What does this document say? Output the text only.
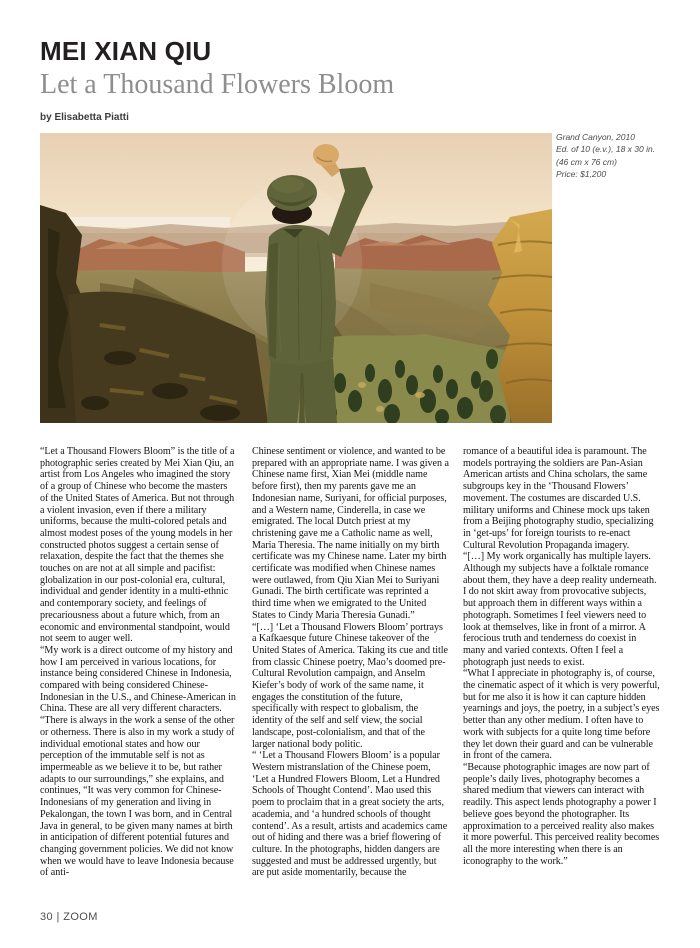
MEI XIAN QIU
Let a Thousand Flowers Bloom
by Elisabetta Piatti
Grand Canyon, 2010
Ed. of 10 (e.v.), 18 x 30 in.
(46 cm x 76 cm)
Price: $1,200

“Let a Thousand Flowers Bloom” is the title of a photographic series created by Mei Xian Qiu, an artist from Los Angeles who imagined the story of a group of Chinese who become the masters of the United States of America. But not through a violent invasion, even if there a military uniforms, because the multi-colored petals and almost modest poses of the young models in her constructed photos suggest a certain sense of relaxation, despite the fact that the themes she touches on are not at all simple and pacifist: globalization in our post-colonial era, cultural, individual and gender identity in a multi-ethnic and contemporary society, and feelings of precariousness about a future which, from an economic and environmental standpoint, would not seem to auger well.

“My work is a direct outcome of my history and how I am perceived in various locations, for instance being considered Chinese in Indonesia, compared with being considered Chinese-Indonesian in the U.S., and Chinese-American in China. These are all very different characters.

“There is always in the work a sense of the other or otherness. There is also in my work a study of individual emotional states and how our perception of the immutable self is not as impermeable as we believe it to be, but rather adapts to our surroundings,” she explains, and continues, “It was very common for Chinese-Indonesians of my generation and living in Pekalongan, the town I was born, and in Central Java in general, to be given many names at birth in anticipation of different potential futures and changing government policies. We did not know when we would have to leave Indonesia because of anti-

Chinese sentiment or violence, and wanted to be prepared with an appropriate name. I was given a Chinese name first, Xian Mei (middle name before first), then my parents gave me an Indonesian name, Suriyani, for official purposes, and a Western name, Cinderella, in case we emigrated. The local Dutch priest at my christening gave me a Catholic name as well, Maria Theresia. The name initially on my birth certificate was my Chinese name. Later my birth certificate was modified when Chinese names were outlawed, from Qiu Xian Mei to Suriyani Gunadi. The birth certificate was reprinted a third time when we emigrated to the United States to Cindy Maria Theresia Gunadi.”

“[…] ‘Let a Thousand Flowers Bloom’ portrays a Kafkaesque future Chinese takeover of the United States of America. Taking its cue and title from classic Chinese poetry, Mao’s doomed pre-Cultural Revolution campaign, and Anselm Kiefer’s body of work of the same name, it engages the constitution of the future, specifically with respect to globalism, the identity of the self and self view, the social landscape, post-colonialism, and that of the larger national body politic.

“ ‘Let a Thousand Flowers Bloom’ is a popular Western mistranslation of the Chinese poem, ‘Let a Hundred Flowers Bloom, Let a Hundred Schools of Thought Contend’. Mao used this poem to proclaim that in a great society the arts, academia, and ‘a hundred schools of thought contend’. As a result, artists and academics came out of hiding and there was a brief flowering of culture. In the photographs, hidden dangers are suggested and must be addressed urgently, but are put aside momentarily, because the

romance of a beautiful idea is paramount. The models portraying the soldiers are Pan-Asian American artists and China scholars, the same subgroups key in the ‘Thousand Flowers’ movement. The costumes are discarded U.S. military uniforms and Chinese mock ups taken from a Beijing photography studio, specializing in ‘get-ups’ for foreign tourists to re-enact Cultural Revolution Propaganda imagery.

“[…] My work organically has multiple layers. Although my subjects have a folktale romance about them, they have a deep reality underneath. I do not skirt away from provocative subjects, but approach them in different ways within a photograph. Sometimes I feel viewers need to look at themselves, like in front of a mirror. A ferocious truth and tenderness do coexist in many and varied contexts. Often I feel a photograph just needs to exist.

“What I appreciate in photography is, of course, the cinematic aspect of it which is very powerful, but for me also it is how it can capture hidden yearnings and joys, the poetry, in a subject’s eyes better than any other medium. I often have to work with subjects for a quite long time before they let down their guard and can be vulnerable in front of the camera.

“Because photographic images are now part of people’s daily lives, photography becomes a shared medium that viewers can interact with readily. This aspect lends photography a power I believe goes beyond the photographer. Its approximation to a perceived reality also makes it more powerful. This perceived reality becomes all the more interesting when there is an iconography to the work.”

30 | ZOOM
